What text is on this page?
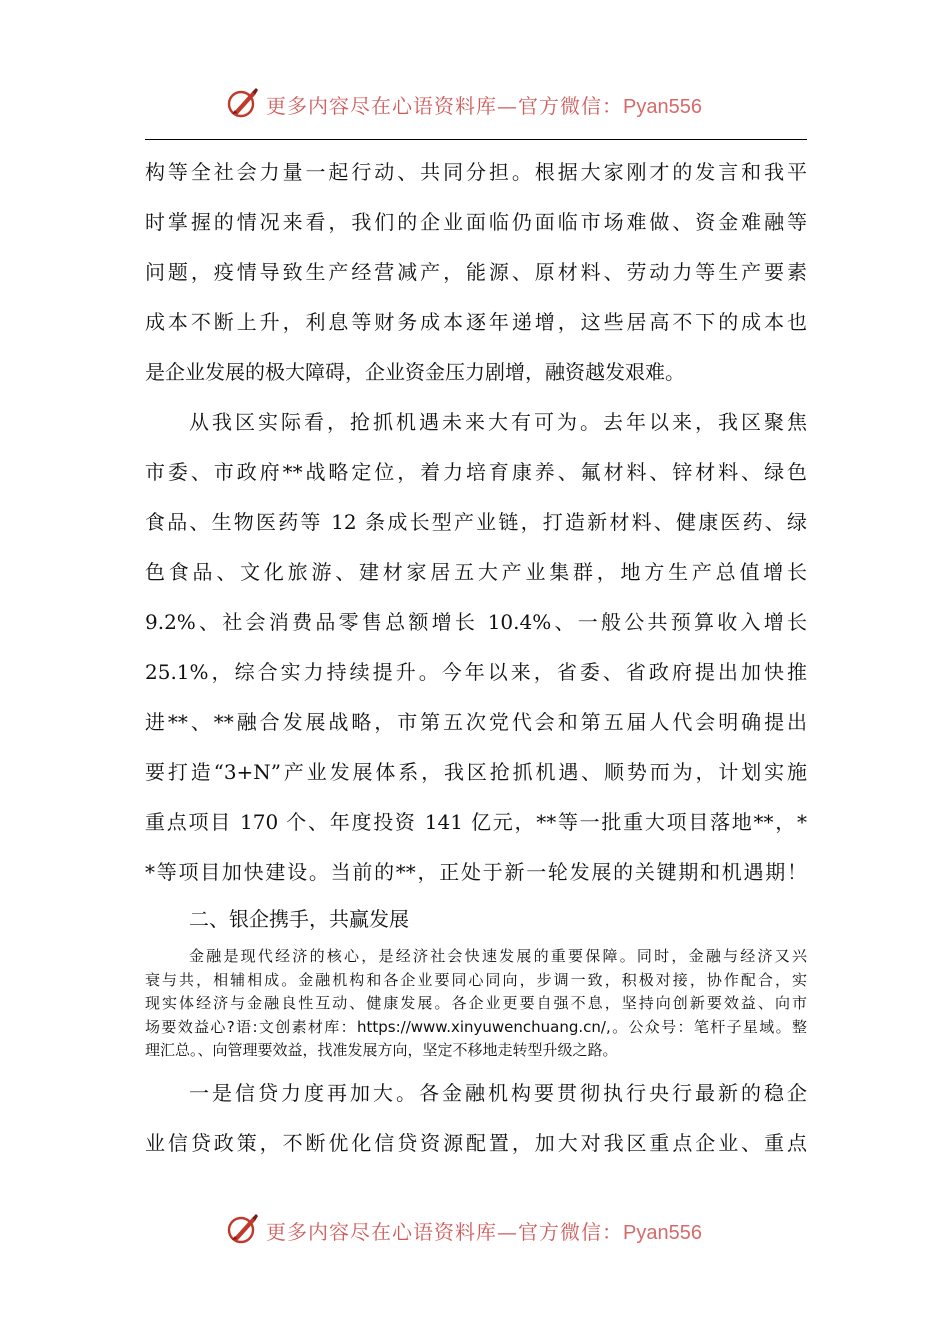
更多内容尽在心语资料库—官方微信：Pyan556
构等全社会力量一起行动、共同分担。根据大家刚才的发言和我平
时掌握的情况来看，我们的企业面临仍面临市场难做、资金难融等
问题，疫情导致生产经营减产，能源、原材料、劳动力等生产要素
成本不断上升，利息等财务成本逐年递增，这些居高不下的成本也
是企业发展的极大障碍，企业资金压力剧增，融资越发艰难。
从我区实际看，抢抓机遇未来大有可为。去年以来，我区聚焦
市委、市政府**战略定位，着力培育康养、氟材料、锌材料、绿色
食品、生物医药等 12 条成长型产业链，打造新材料、健康医药、绿
色食品、文化旅游、建材家居五大产业集群，地方生产总值增长
9.2%、社会消费品零售总额增长 10.4%、一般公共预算收入增长
25.1%，综合实力持续提升。今年以来，省委、省政府提出加快推
进**、**融合发展战略，市第五次党代会和第五届人代会明确提出
要打造“3+N”产业发展体系，我区抢抓机遇、顺势而为，计划实施
重点项目 170 个、年度投资 141 亿元，**等一批重大项目落地**，*
*等项目加快建设。当前的**，正处于新一轮发展的关键期和机遇期！
二、银企携手，共赢发展
金融是现代经济的核心，是经济社会快速发展的重要保障。同时，金融与经济又兴
衰与共，相辅相成。金融机构和各企业要同心同向，步调一致，积极对接，协作配合，实
现实体经济与金融良性互动、健康发展。各企业更要自强不息，坚持向创新要效益、向市
场要效益心?语:文创素材库：https://www.xinyuwenchuang.cn/,。公众号：笔杆子星域。整
理汇总。、向管理要效益，找准发展方向，坚定不移地走转型升级之路。
一是信贷力度再加大。各金融机构要贯彻执行央行最新的稳企
业信贷政策，不断优化信贷资源配置，加大对我区重点企业、重点
更多内容尽在心语资料库—官方微信：Pyan556
